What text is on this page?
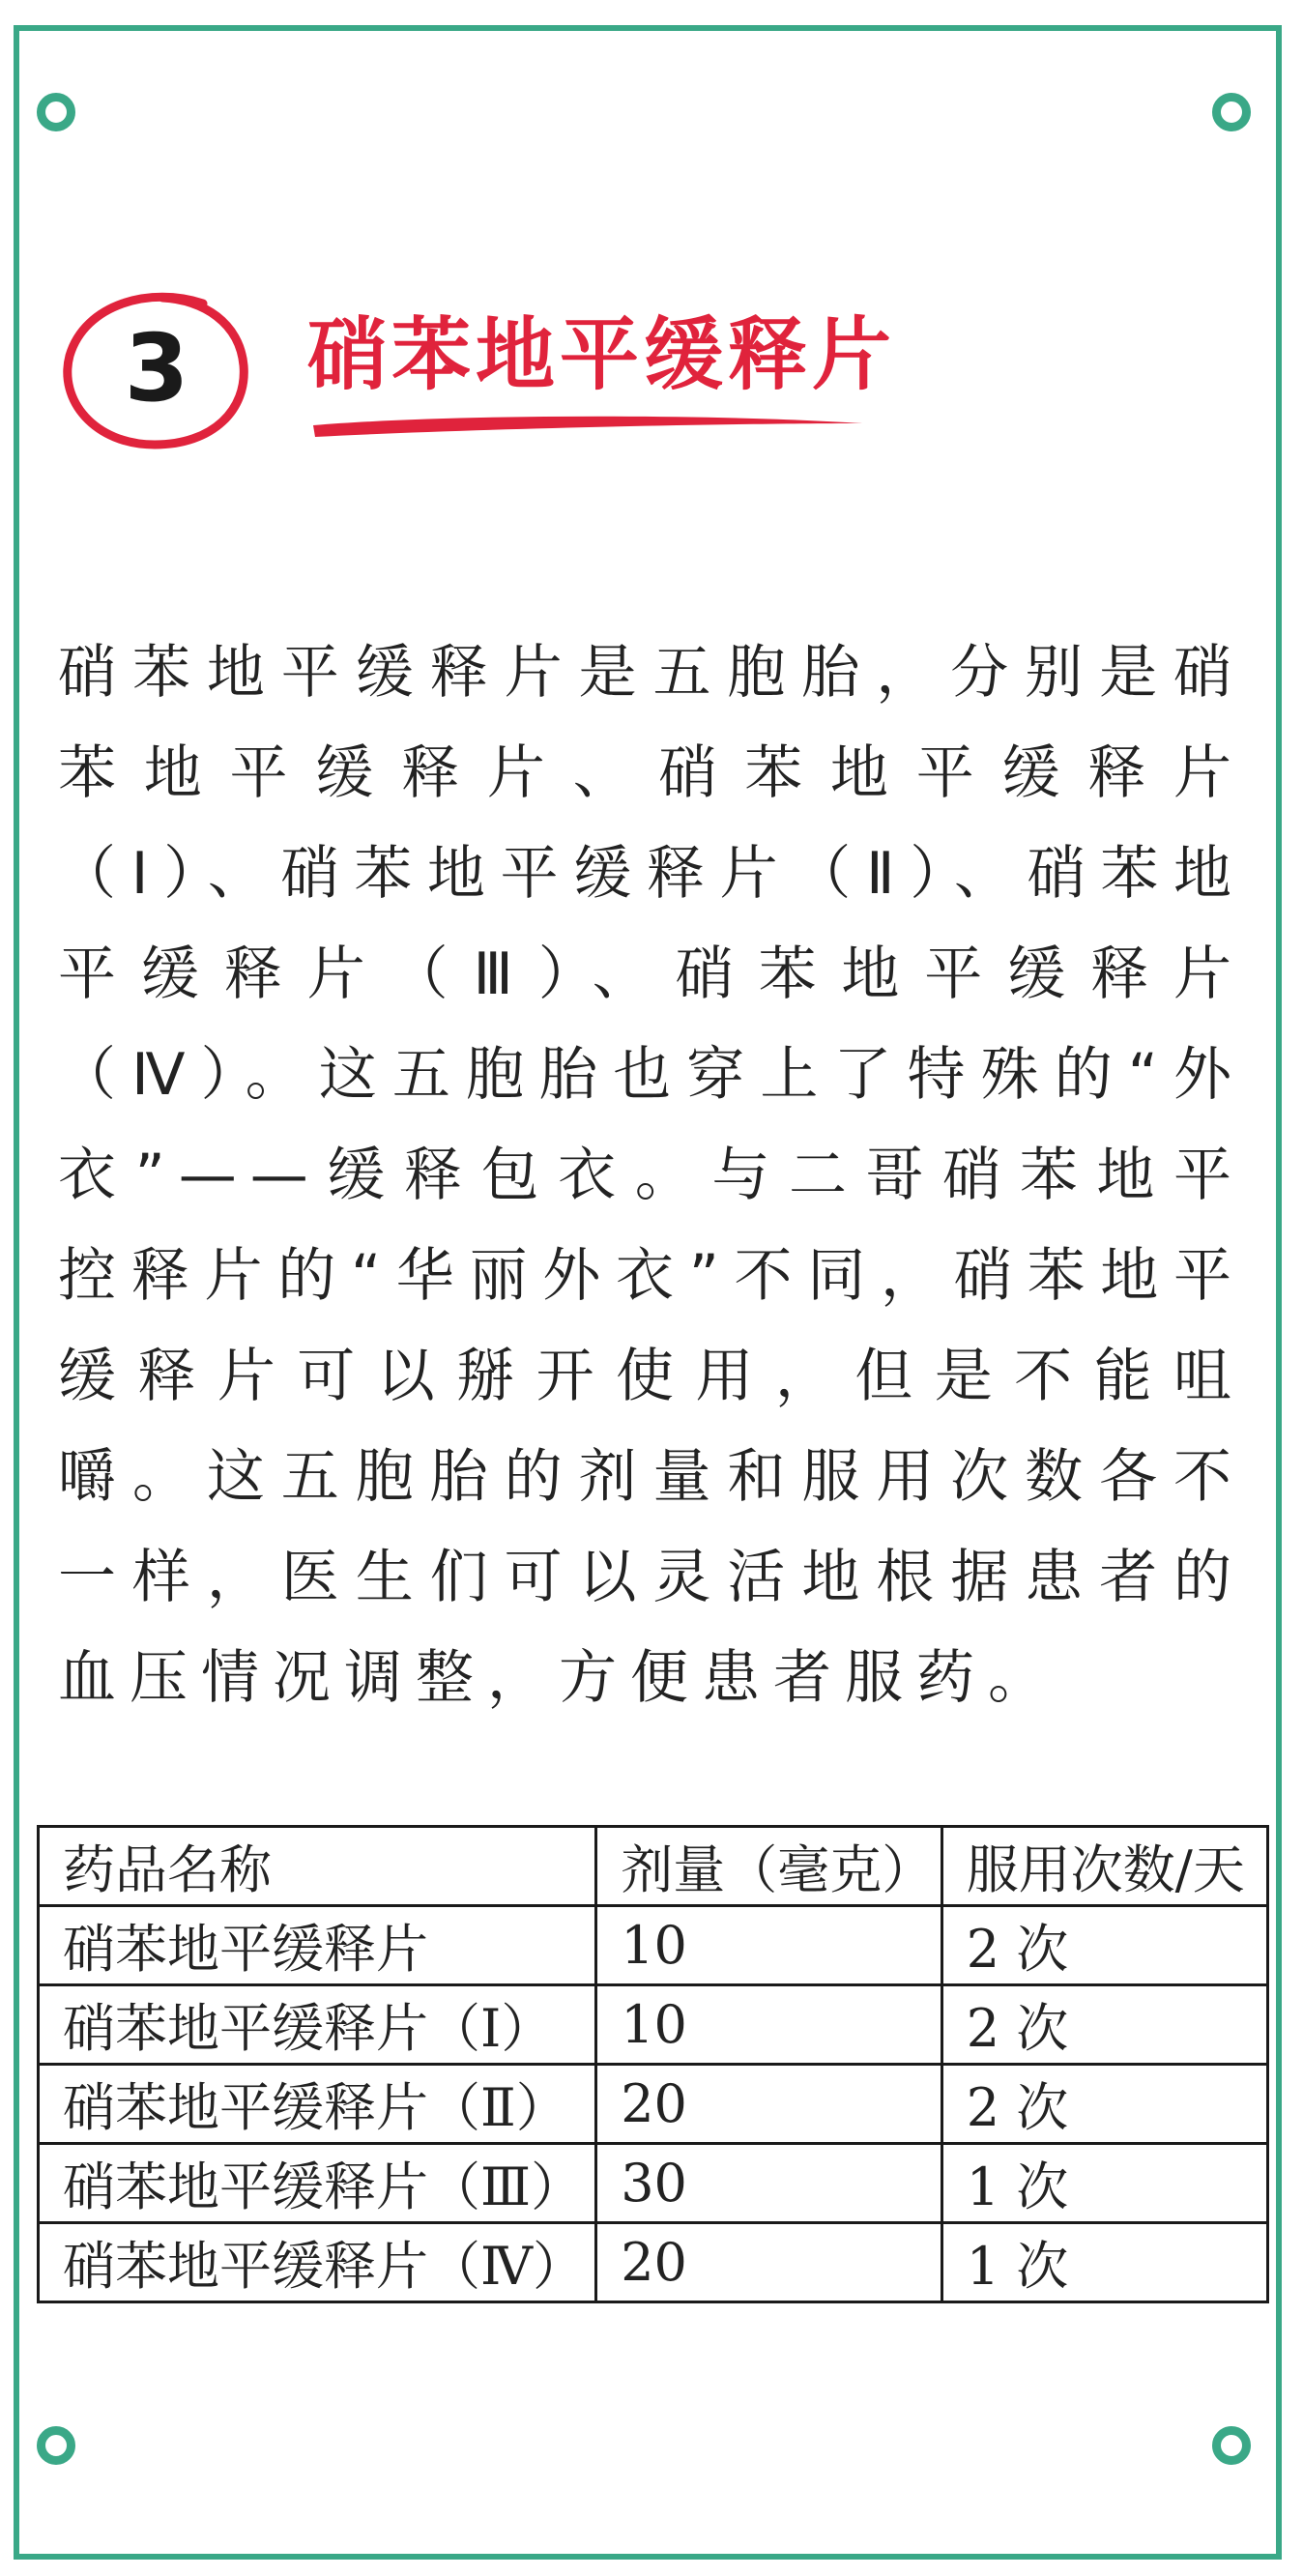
3	硝苯地平缓释片

硝苯地平缓释片是五胞胎，分别是硝苯地平缓释片、硝苯地平缓释片（Ⅰ）、硝苯地平缓释片（Ⅱ）、硝苯地平缓释片（Ⅲ）、硝苯地平缓释片（Ⅳ）。这五胞胎也穿上了特殊的“外衣”——缓释包衣。与二哥硝苯地平控释片的“华丽外衣”不同，硝苯地平缓释片可以掰开使用，但是不能咀嚼。这五胞胎的剂量和服用次数各不一样，医生们可以灵活地根据患者的血压情况调整，方便患者服药。

药品名称	剂量（毫克）	服用次数/天
硝苯地平缓释片	10	2 次
硝苯地平缓释片（Ⅰ）	10	2 次
硝苯地平缓释片（Ⅱ）	20	2 次
硝苯地平缓释片（Ⅲ）	30	1 次
硝苯地平缓释片（Ⅳ）	20	1 次
